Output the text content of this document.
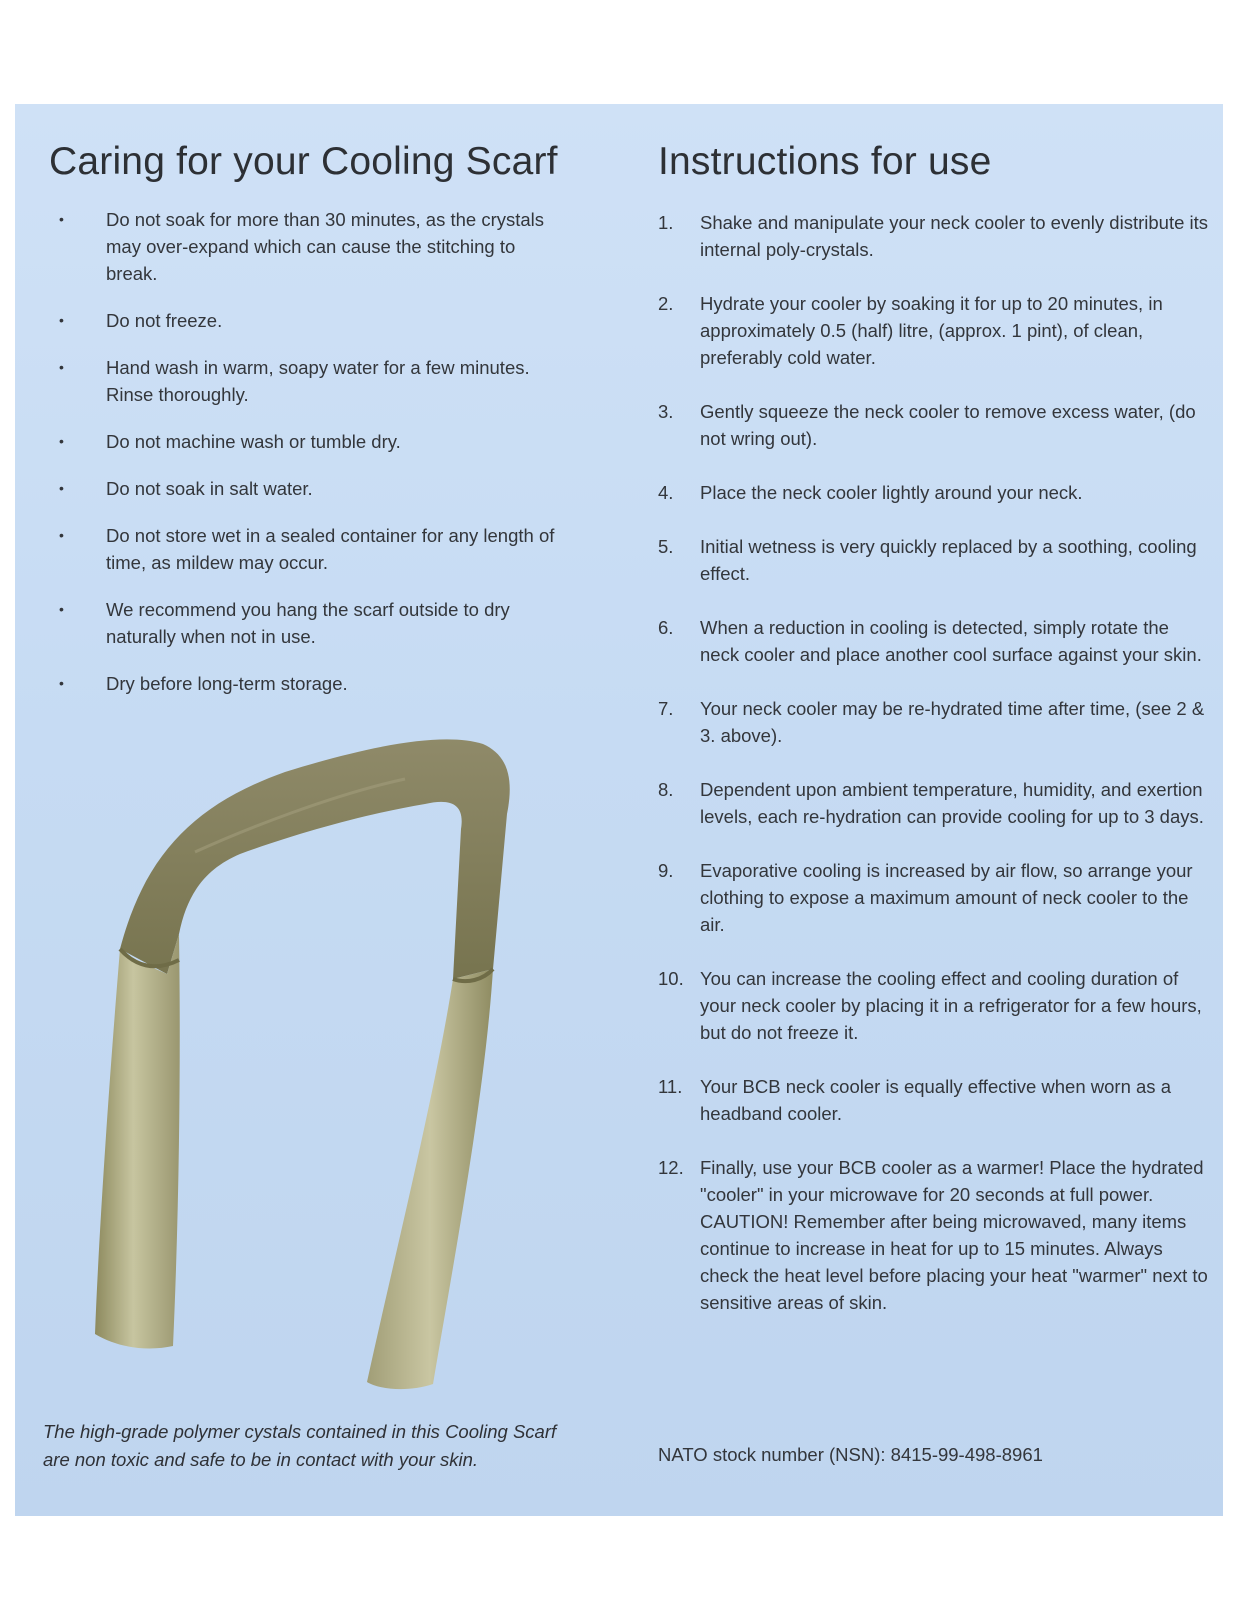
Caring for your Cooling Scarf
• Do not soak for more than 30 minutes, as the crystals may over-expand which can cause the stitching to break.
• Do not freeze.
• Hand wash in warm, soapy water for a few minutes. Rinse thoroughly.
• Do not machine wash or tumble dry.
• Do not soak in salt water.
• Do not store wet in a sealed container for any length of time, as mildew may occur.
• We recommend you hang the scarf outside to dry naturally when not in use.
• Dry before long-term storage.

The high-grade polymer cystals contained in this Cooling Scarf are non toxic and safe to be in contact with your skin.

Instructions for use
1. Shake and manipulate your neck cooler to evenly distribute its internal poly-crystals.
2. Hydrate your cooler by soaking it for up to 20 minutes, in approximately 0.5 (half) litre, (approx. 1 pint), of clean, preferably cold water.
3. Gently squeeze the neck cooler to remove excess water, (do not wring out).
4. Place the neck cooler lightly around your neck.
5. Initial wetness is very quickly replaced by a soothing, cooling effect.
6. When a reduction in cooling is detected, simply rotate the neck cooler and place another cool surface against your skin.
7. Your neck cooler may be re-hydrated time after time, (see 2 & 3. above).
8. Dependent upon ambient temperature, humidity, and exertion levels, each re-hydration can provide cooling for up to 3 days.
9. Evaporative cooling is increased by air flow, so arrange your clothing to expose a maximum amount of neck cooler to the air.
10. You can increase the cooling effect and cooling duration of your neck cooler by placing it in a refrigerator for a few hours, but do not freeze it.
11. Your BCB neck cooler is equally effective when worn as a headband cooler.
12. Finally, use your BCB cooler as a warmer! Place the hydrated "cooler" in your microwave for 20 seconds at full power. CAUTION! Remember after being microwaved, many items continue to increase in heat for up to 15 minutes. Always check the heat level before placing your heat "warmer" next to sensitive areas of skin.

NATO stock number (NSN): 8415-99-498-8961
